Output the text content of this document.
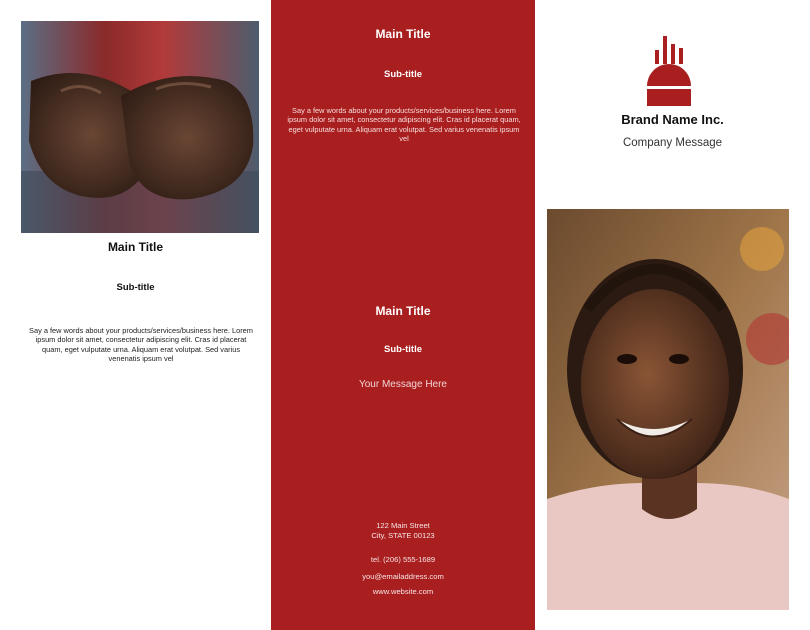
Main Title
Sub-title
Say a few words about your products/services/business here. Lorem ipsum dolor sit amet, consectetur adipiscing elit. Cras id placerat quam, eget vulputate urna. Aliquam erat volutpat. Sed varius venenatis ipsum vel
Main Title
Sub-title
Say a few words about your products/services/business here. Lorem ipsum dolor sit amet, consectetur adipiscing elit. Cras id placerat quam, eget vulputate urna. Aliquam erat volutpat. Sed varius venenatis ipsum vel
Main Title
Sub-title
Your Message Here
122 Main Street
City, STATE 00123
tel. (206) 555-1689
you@emailaddress.com
www.website.com
Brand Name Inc.
Company Message
